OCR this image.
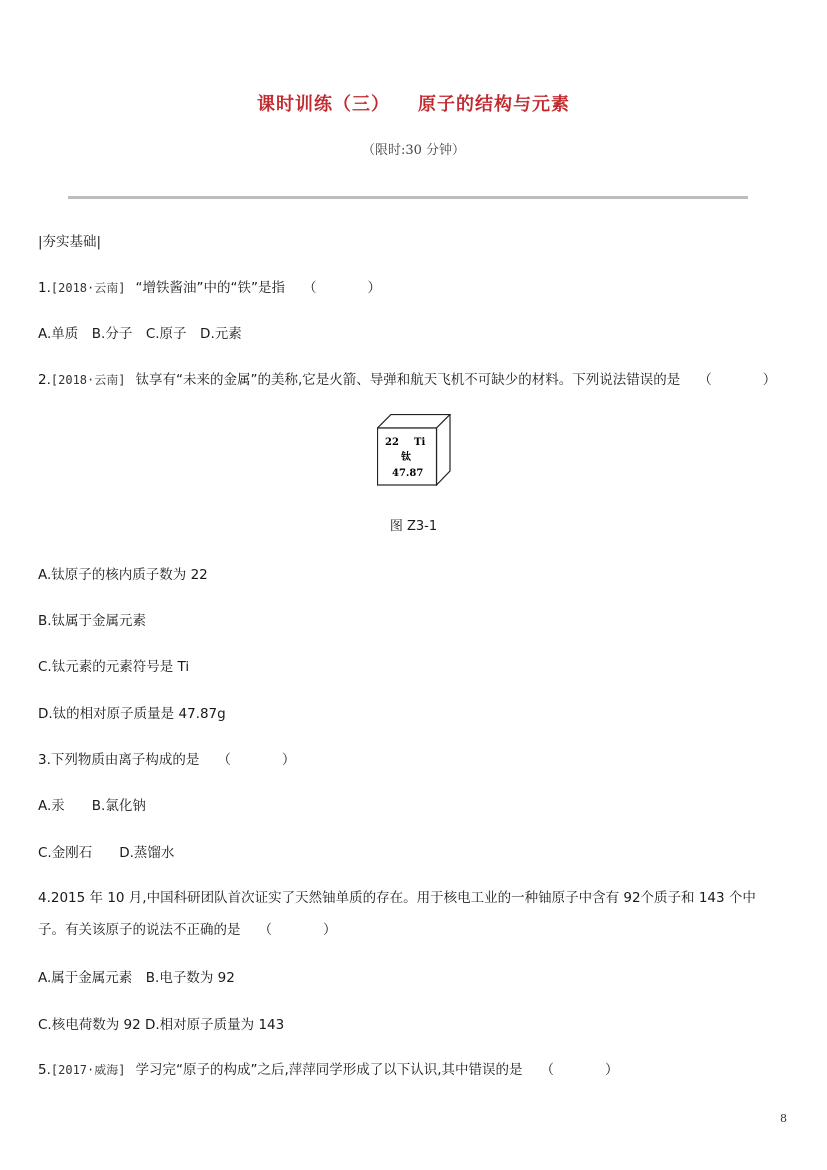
课时训练（三） 原子的结构与元素
（限时:30 分钟）
|夯实基础|
1.[2018·云南] “增铁酱油”中的“铁”是指 （　　）
A.单质　B.分子　C.原子　D.元素
2.[2018·云南] 钛享有“未来的金属”的美称,它是火箭、导弹和航天飞机不可缺少的材料。下列说法错误的是 （　　）
22 Ti
钛
47.87
图 Z3-1
A.钛原子的核内质子数为 22
B.钛属于金属元素
C.钛元素的元素符号是 Ti
D.钛的相对原子质量是 47.87g
3.下列物质由离子构成的是 （　　）
A.汞　　B.氯化钠
C.金刚石　　D.蒸馏水
4.2015 年 10 月,中国科研团队首次证实了天然铀单质的存在。用于核电工业的一种铀原子中含有 92个质子和 143 个中
子。有关该原子的说法不正确的是 （　　）
A.属于金属元素　B.电子数为 92
C.核电荷数为 92 D.相对原子质量为 143
5.[2017·威海] 学习完“原子的构成”之后,萍萍同学形成了以下认识,其中错误的是 （　　）
8
